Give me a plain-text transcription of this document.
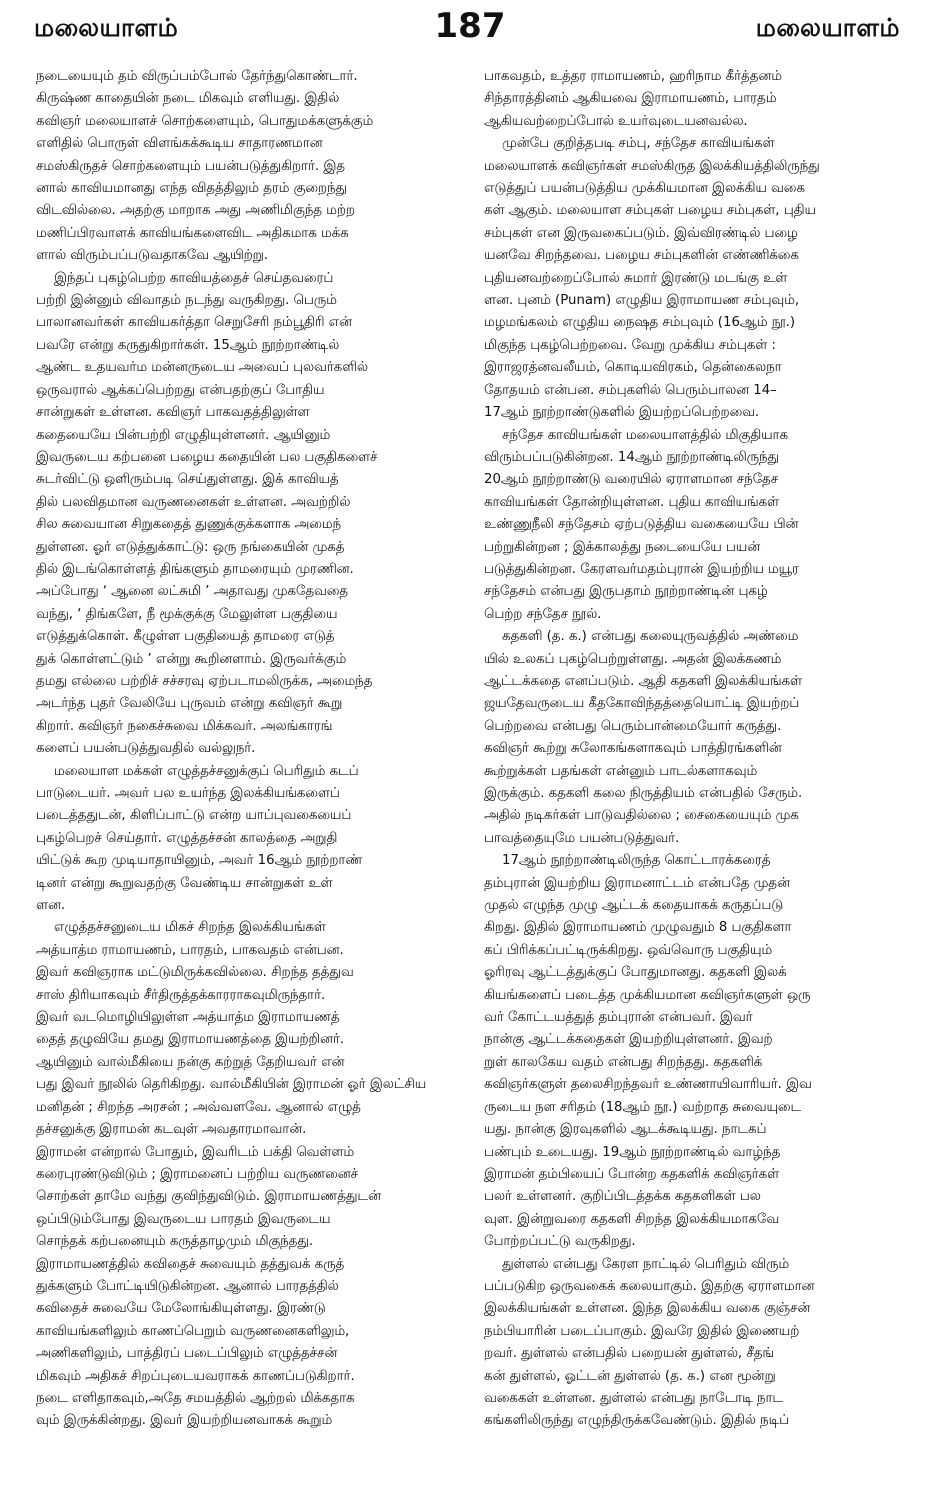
மலையாளம்	187	மலையாளம்

நடையையும் தம் விருப்பம்போல் தேர்ந்துகொண்டார்.
கிருஷ்ண காதையின் நடை மிகவும் எளியது. இதில்
கவிஞர் மலையாளச் சொற்களையும், பொதுமக்களுக்கும்
எளிதில் பொருள் விளங்கக்கூடிய சாதாரணமான
சமஸ்கிருதச் சொற்களையும் பயன்படுத்துகிறார். இத
னால் காவியமானது எந்த விதத்திலும் தரம் குறைந்து
விடவில்லை. அதற்கு மாறாக அது அணிமிகுந்த மற்ற
மணிப்பிரவாளக் காவியங்களைவிட அதிகமாக மக்க
ளால் விரும்பப்படுவதாகவே ஆயிற்று.

இந்தப் புகழ்பெற்ற காவியத்தைச் செய்தவரைப்
பற்றி இன்னும் விவாதம் நடந்து வருகிறது. பெரும்
பாலானவர்கள் காவியகர்த்தா செறுசேரி நம்பூதிரி என்
பவரே என்று கருதுகிறார்கள். 15ஆம் நூற்றாண்டில்
ஆண்ட உதயவர்ம மன்னருடைய அவைப் புலவர்களில்
ஒருவரால் ஆக்கப்பெற்றது என்பதற்குப் போதிய
சான்றுகள் உள்ளன. கவிஞர் பாகவதத்திலுள்ள
கதையையே பின்பற்றி எழுதியுள்ளனர். ஆயினும்
இவருடைய கற்பனை பழைய கதையின் பல பகுதிகளைச்
சுடர்விட்டு ஒளிரும்படி செய்துள்ளது. இக் காவியத்
தில் பலவிதமான வருணனைகள் உள்ளன. அவற்றில்
சில சுவையான சிறுகதைத் துணுக்குக்களாக அமைந்
துள்ளன. ஓர் எடுத்துக்காட்டு: ஒரு நங்கையின் முகத்
தில் இடங்கொள்ளத் திங்களும் தாமரையும் முரணின.
அப்போது ‘ ஆனை லட்சுமி ’ அதாவது முகதேவதை
வந்து, ‘ திங்களே, நீ மூக்குக்கு மேலுள்ள பகுதியை
எடுத்துக்கொள். கீழுள்ள பகுதியைத் தாமரை எடுத்
துக் கொள்ளட்டும் ’ என்று கூறினளாம். இருவர்க்கும்
தமது எல்லை பற்றிச் சச்சரவு ஏற்படாமலிருக்க, அமைந்த
அடர்ந்த புதர் வேலியே புருவம் என்று கவிஞர் கூறு
கிறார். கவிஞர் நகைச்சுவை மிக்கவர். அலங்காரங்
களைப் பயன்படுத்துவதில் வல்லுநர்.

மலையாள மக்கள் எழுத்தச்சனுக்குப் பெரிதும் கடப்
பாடுடையர். அவர் பல உயர்ந்த இலக்கியங்களைப்
படைத்ததுடன், கிளிப்பாட்டு என்ற யாப்புவகையைப்
புகழ்பெறச் செய்தார். எழுத்தச்சன் காலத்தை அறுதி
யிட்டுக் கூற முடியாதாயினும், அவர் 16ஆம் நூற்றாண்
டினர் என்று கூறுவதற்கு வேண்டிய சான்றுகள் உள்
ளன.

எழுத்தச்சனுடைய மிகச் சிறந்த இலக்கியங்கள்
அத்யாத்ம ராமாயணம், பாரதம், பாகவதம் என்பன.
இவர் கவிஞராக மட்டுமிருக்கவில்லை. சிறந்த தத்துவ
சாஸ் திரியாகவும் சீர்திருத்தக்காரராகவுமிருந்தார்.
இவர் வடமொழியிலுள்ள அத்யாத்ம இராமாயணத்
தைத் தழுவியே தமது இராமாயணத்தை இயற்றினர்.
ஆயினும் வால்மீகியை நன்கு கற்றுத் தேறியவர் என்
பது இவர் நூலில் தெரிகிறது. வால்மீகியின் இராமன் ஓர் இலட்சிய
மனிதன் ; சிறந்த அரசன் ; அவ்வளவே. ஆனால் எழுத்
தச்சனுக்கு இராமன் கடவுள் அவதாரமாவான்.
இராமன் என்றால் போதும், இவரிடம் பக்தி வெள்ளம்
கரைபுரண்டுவிடும் ; இராமனைப் பற்றிய வருணனைச்
சொற்கள் தாமே வந்து குவிந்துவிடும். இராமாயணத்துடன்
ஒப்பிடும்போது இவருடைய பாரதம் இவருடைய
சொந்தக் கற்பனையும் கருத்தாழமும் மிகுந்தது.
இராமாயணத்தில் கவிதைச் சுவையும் தத்துவக் கருத்
துக்களும் போட்டியிடுகின்றன. ஆனால் பாரதத்தில்
கவிதைச் சுவையே மேலோங்கியுள்ளது. இரண்டு
காவியங்களிலும் காணப்பெறும் வருணனைகளிலும்,
அணிகளிலும், பாத்திரப் படைப்பிலும் எழுத்தச்சன்
மிகவும் அதிகச் சிறப்புடையவராகக் காணப்படுகிறார்.
நடை எளிதாகவும்,அதே சமயத்தில் ஆற்றல் மிக்கதாக
வும் இருக்கின்றது. இவர் இயற்றியனவாகக் கூறும்

பாகவதம், உத்தர ராமாயணம், ஹரிநாம கீர்த்தனம்
சிந்தாரத்தினம் ஆகியவை இராமாயணம், பாரதம்
ஆகியவற்றைப்போல் உயர்வுடையனவல்ல.

முன்பே குறித்தபடி சம்பு, சந்தேச காவியங்கள்
மலையாளக் கவிஞர்கள் சமஸ்கிருத இலக்கியத்திலிருந்து
எடுத்துப் பயன்படுத்திய முக்கியமான இலக்கிய வகை
கள் ஆகும். மலையாள சம்புகள் பழைய சம்புகள், புதிய
சம்புகள் என இருவகைப்படும். இவ்விரண்டில் பழை
யனவே சிறந்தவை. பழைய சம்புகளின் எண்ணிக்கை
புதியனவற்றைப்போல் சுமார் இரண்டு மடங்கு உள்
ளன. புனம் (Punam) எழுதிய இராமாயண சம்புவும்,
மழமங்கலம் எழுதிய நைஷத சம்புவும் (16ஆம் நூ.)
மிகுந்த புகழ்பெற்றவை. வேறு முக்கிய சம்புகள் :
இராஜரத்னவலீயம், கொடியவிரகம், தென்கைலநா
தோதயம் என்பன. சம்புகளில் பெரும்பாலன 14–
17ஆம் நூற்றாண்டுகளில் இயற்றப்பெற்றவை.

சந்தேச காவியங்கள் மலையாளத்தில் மிகுதியாக
விரும்பப்படுகின்றன. 14ஆம் நூற்றாண்டிலிருந்து
20ஆம் நூற்றாண்டு வரையில் ஏராளமான சந்தேச
காவியங்கள் தோன்றியுள்ளன. புதிய காவியங்கள்
உண்ணுநீலி சந்தேசம் ஏற்படுத்திய வகையையே பின்
பற்றுகின்றன ; இக்காலத்து நடையையே பயன்
படுத்துகின்றன. கேரளவர்மதம்புரான் இயற்றிய மயூர
சந்தேசம் என்பது இருபதாம் நூற்றாண்டின் புகழ்
பெற்ற சந்தேச நூல்.

கதகளி (த. க.) என்பது கலையுருவத்தில் அண்மை
யில் உலகப் புகழ்பெற்றுள்ளது. அதன் இலக்கணம்
ஆட்டக்கதை எனப்படும். ஆதி கதகளி இலக்கியங்கள்
ஜயதேவருடைய கீதகோவிந்தத்தையொட்டி இயற்றப்
பெற்றவை என்பது பெரும்பான்மையோர் கருத்து.
கவிஞர் கூற்று சுலோகங்களாகவும் பாத்திரங்களின்
கூற்றுக்கள் பதங்கள் என்னும் பாடல்களாகவும்
இருக்கும். கதகளி கலை நிருத்தியம் என்பதில் சேரும்.
அதில் நடிகர்கள் பாடுவதில்லை ; சைகையையும் முக
பாவத்தையுமே பயன்படுத்துவர்.

17ஆம் நூற்றாண்டிலிருந்த கொட்டாரக்கரைத்
தம்புரான் இயற்றிய இராமனாட்டம் என்பதே முதன்
முதல் எழுந்த முழு ஆட்டக் கதையாகக் கருதப்படு
கிறது. இதில் இராமாயணம் முழுவதும் 8 பகுதிகளா
கப் பிரிக்கப்பட்டிருக்கிறது. ஒவ்வொரு பகுதியும்
ஓரிரவு ஆட்டத்துக்குப் போதுமானது. கதகளி இலக்
கியங்களைப் படைத்த முக்கியமான கவிஞர்களுள் ஒரு
வர் கோட்டயத்துத் தம்புரான் என்பவர். இவர்
நான்கு ஆட்டக்கதைகள் இயற்றியுள்ளனர். இவற்
றுள் காலகேய வதம் என்பது சிறந்தது. கதகளிக்
கவிஞர்களுள் தலைசிறந்தவர் உண்ணாயிவாரியர். இவ
ருடைய நள சரிதம் (18ஆம் நூ.) வற்றாத சுவையுடை
யது. நான்கு இரவுகளில் ஆடக்கூடியது. நாடகப்
பண்பும் உடையது. 19ஆம் நூற்றாண்டில் வாழ்ந்த
இராமன் தம்பியைப் போன்ற கதகளிக் கவிஞர்கள்
பலர் உள்ளனர். குறிப்பிடத்தக்க கதகளிகள் பல
வுள. இன்றுவரை கதகளி சிறந்த இலக்கியமாகவே
போற்றப்பட்டு வருகிறது.

துள்ளல் என்பது கேரள நாட்டில் பெரிதும் விரும்
பப்படுகிற ஒருவகைக் கலையாகும். இதற்கு ஏராளமான
இலக்கியங்கள் உள்ளன. இந்த இலக்கிய வகை குஞ்சன்
நம்பியாரின் படைப்பாகும். இவரே இதில் இணையற்
றவர். துள்ளல் என்பதில் பறையன் துள்ளல், சீதங்
கன் துள்ளல், ஓட்டன் துள்ளல் (த. க.) என மூன்று
வகைகள் உள்ளன. துள்ளல் என்பது நாடோடி நாட
கங்களிலிருந்து எழுந்திருக்கவேண்டும். இதில் நடிப்
